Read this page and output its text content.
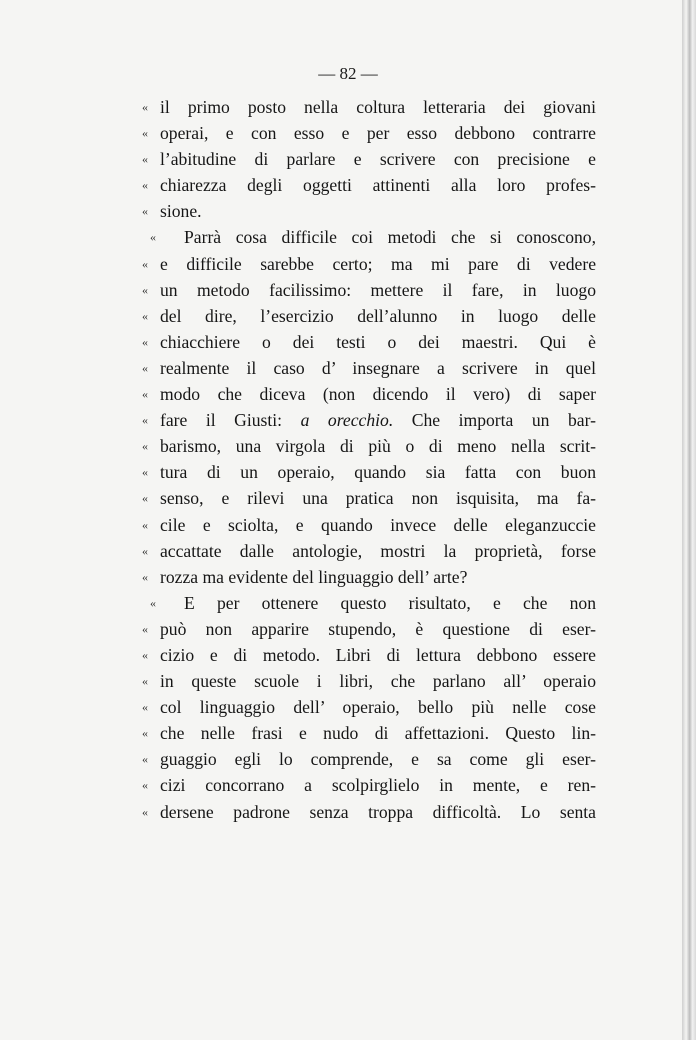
— 82 —
« il primo posto nella coltura letteraria dei giovani
« operai, e con esso e per esso debbono contrarre
« l’abitudine di parlare e scrivere con precisione e
« chiarezza degli oggetti attinenti alla loro profes-
« sione.
«	Parrà cosa difficile coi metodi che si conoscono,
« e difficile sarebbe certo; ma mi pare di vedere
« un metodo facilissimo: mettere il fare, in luogo
« del dire, l’esercizio dell’alunno in luogo delle
« chiacchiere o dei testi o dei maestri. Qui è
« realmente il caso d’ insegnare a scrivere in quel
« modo che diceva (non dicendo il vero) di saper
« fare il Giusti: a orecchio. Che importa un bar-
« barismo, una virgola di più o di meno nella scrit-
« tura di un operaio, quando sia fatta con buon
« senso, e rilevi una pratica non isquisita, ma fa-
« cile e sciolta, e quando invece delle eleganzuccie
« accattate dalle antologie, mostri la proprietà, forse
« rozza ma evidente del linguaggio dell’ arte?
«	E per ottenere questo risultato, e che non
« può non apparire stupendo, è questione di eser-
« cizio e di metodo. Libri di lettura debbono essere
« in queste scuole i libri, che parlano all’ operaio
« col linguaggio dell’ operaio, bello più nelle cose
« che nelle frasi e nudo di affettazioni. Questo lin-
« guaggio egli lo comprende, e sa come gli eser-
« cizi concorrano a scolpirglielo in mente, e ren-
« dersene padrone senza troppa difficoltà. Lo senta
